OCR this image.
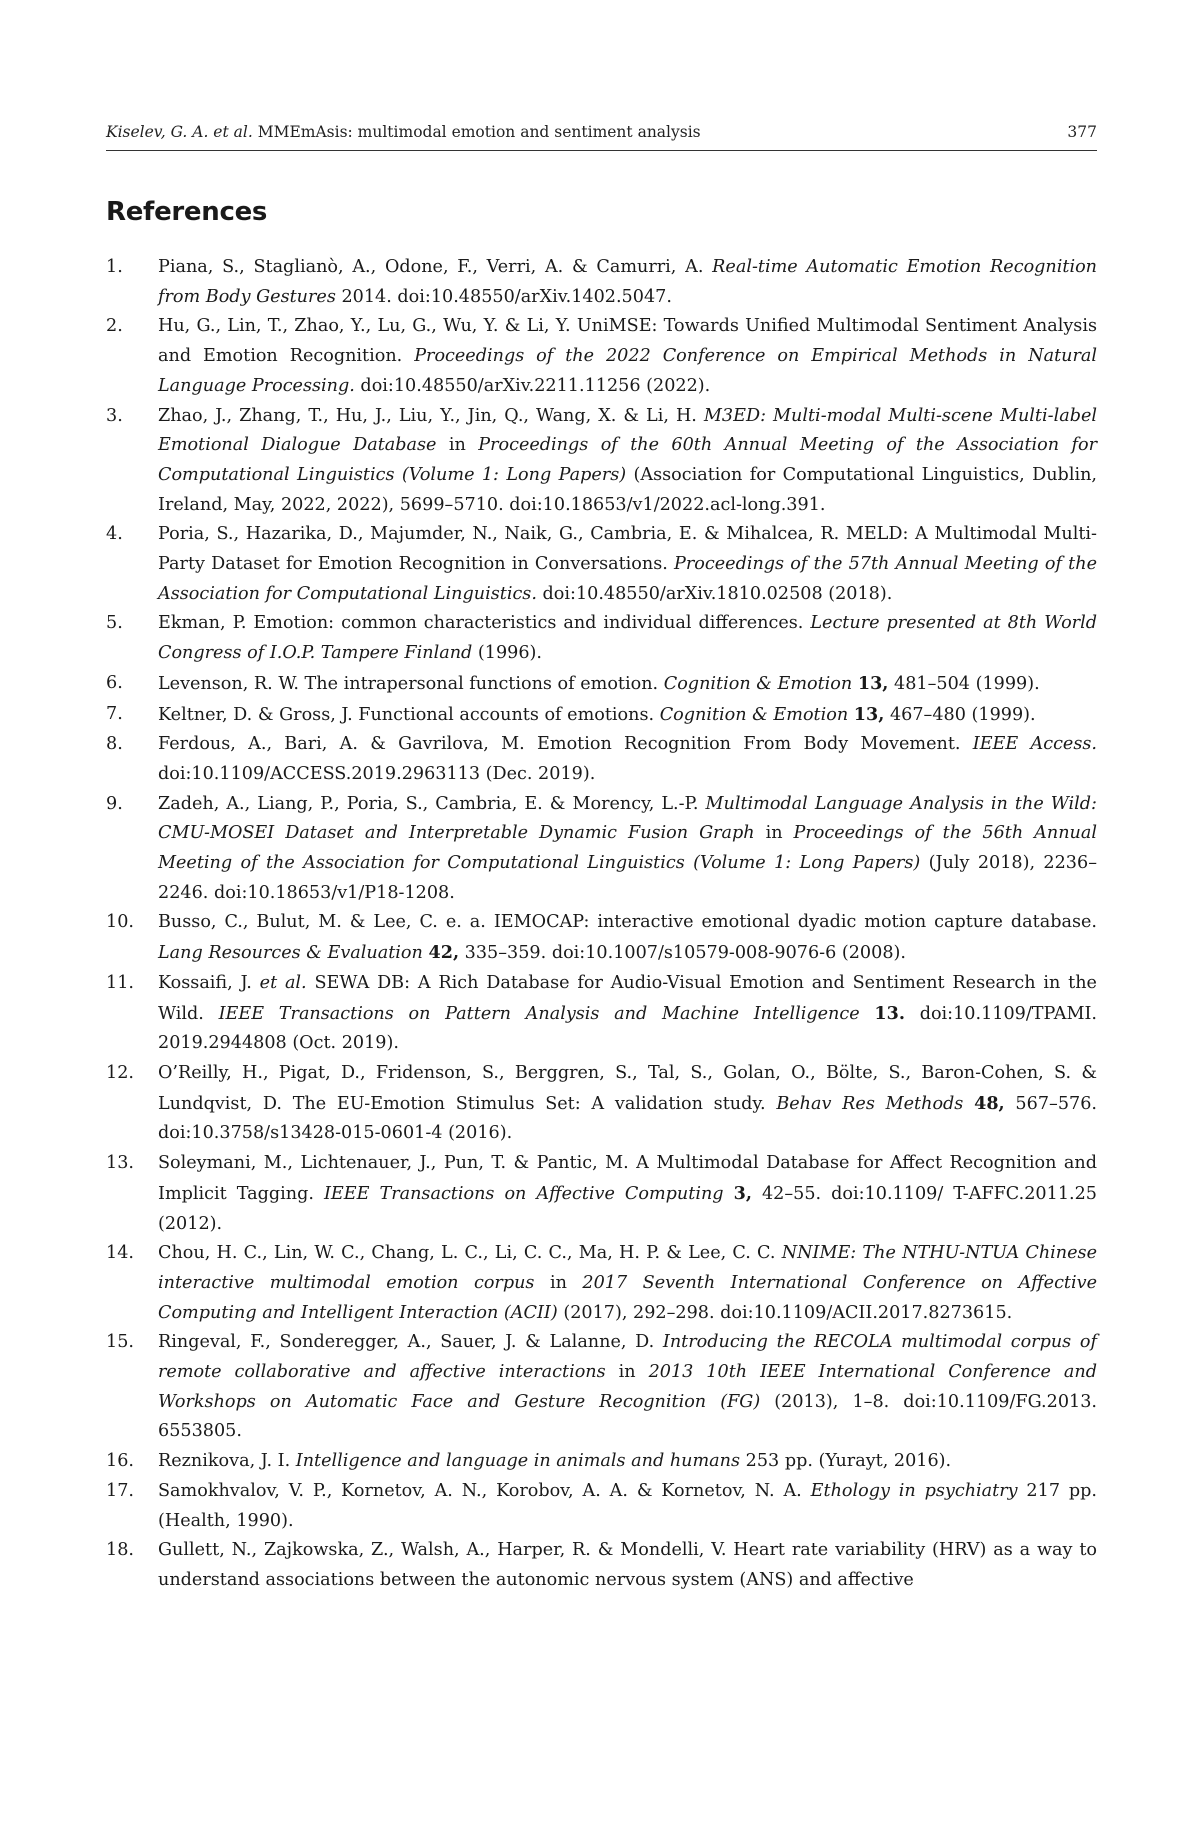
Kiselev, G. A. et al. MMEmAsis: multimodal emotion and sentiment analysis	377
References
1.	Piana, S., Staglianò, A., Odone, F., Verri, A. & Camurri, A. Real-time Automatic Emotion Recognition from Body Gestures 2014. doi:10.48550/arXiv.1402.5047.
2.	Hu, G., Lin, T., Zhao, Y., Lu, G., Wu, Y. & Li, Y. UniMSE: Towards Unified Multimodal Sentiment Analysis and Emotion Recognition. Proceedings of the 2022 Conference on Empirical Methods in Natural Language Processing. doi:10.48550/arXiv.2211.11256 (2022).
3.	Zhao, J., Zhang, T., Hu, J., Liu, Y., Jin, Q., Wang, X. & Li, H. M3ED: Multi-modal Multi-scene Multi-label Emotional Dialogue Database in Proceedings of the 60th Annual Meeting of the Association for Computational Linguistics (Volume 1: Long Papers) (Association for Computational Linguistics, Dublin, Ireland, May, 2022, 2022), 5699–5710. doi:10.18653/v1/2022.acl-long.391.
4.	Poria, S., Hazarika, D., Majumder, N., Naik, G., Cambria, E. & Mihalcea, R. MELD: A Multimodal Multi-Party Dataset for Emotion Recognition in Conversations. Proceedings of the 57th Annual Meeting of the Association for Computational Linguistics. doi:10.48550/arXiv.1810.02508 (2018).
5.	Ekman, P. Emotion: common characteristics and individual differences. Lecture presented at 8th World Congress of I.O.P. Tampere Finland (1996).
6.	Levenson, R. W. The intrapersonal functions of emotion. Cognition & Emotion 13, 481–504 (1999).
7.	Keltner, D. & Gross, J. Functional accounts of emotions. Cognition & Emotion 13, 467–480 (1999).
8.	Ferdous, A., Bari, A. & Gavrilova, M. Emotion Recognition From Body Movement. IEEE Access. doi:10.1109/ACCESS.2019.2963113 (Dec. 2019).
9.	Zadeh, A., Liang, P., Poria, S., Cambria, E. & Morency, L.-P. Multimodal Language Analysis in the Wild: CMU-MOSEI Dataset and Interpretable Dynamic Fusion Graph in Proceedings of the 56th Annual Meeting of the Association for Computational Linguistics (Volume 1: Long Papers) (July 2018), 2236–2246. doi:10.18653/v1/P18-1208.
10.	Busso, C., Bulut, M. & Lee, C. e. a. IEMOCAP: interactive emotional dyadic motion capture database. Lang Resources & Evaluation 42, 335–359. doi:10.1007/s10579-008-9076-6 (2008).
11.	Kossaifi, J. et al. SEWA DB: A Rich Database for Audio-Visual Emotion and Sentiment Research in the Wild. IEEE Transactions on Pattern Analysis and Machine Intelligence 13. doi:10.1109/TPAMI. 2019.2944808 (Oct. 2019).
12.	O’Reilly, H., Pigat, D., Fridenson, S., Berggren, S., Tal, S., Golan, O., Bölte, S., Baron-Cohen, S. & Lundqvist, D. The EU-Emotion Stimulus Set: A validation study. Behav Res Methods 48, 567–576. doi:10.3758/s13428-015-0601-4 (2016).
13.	Soleymani, M., Lichtenauer, J., Pun, T. & Pantic, M. A Multimodal Database for Affect Recognition and Implicit Tagging. IEEE Transactions on Affective Computing 3, 42–55. doi:10.1109/ T-AFFC.2011.25 (2012).
14.	Chou, H. C., Lin, W. C., Chang, L. C., Li, C. C., Ma, H. P. & Lee, C. C. NNIME: The NTHU-NTUA Chinese interactive multimodal emotion corpus in 2017 Seventh International Conference on Affective Computing and Intelligent Interaction (ACII) (2017), 292–298. doi:10.1109/ACII.2017.8273615.
15.	Ringeval, F., Sonderegger, A., Sauer, J. & Lalanne, D. Introducing the RECOLA multimodal corpus of remote collaborative and affective interactions in 2013 10th IEEE International Conference and Workshops on Automatic Face and Gesture Recognition (FG) (2013), 1–8. doi:10.1109/FG.2013. 6553805.
16.	Reznikova, J. I. Intelligence and language in animals and humans 253 pp. (Yurayt, 2016).
17.	Samokhvalov, V. P., Kornetov, A. N., Korobov, A. A. & Kornetov, N. A. Ethology in psychiatry 217 pp. (Health, 1990).
18.	Gullett, N., Zajkowska, Z., Walsh, A., Harper, R. & Mondelli, V. Heart rate variability (HRV) as a way to understand associations between the autonomic nervous system (ANS) and affective
